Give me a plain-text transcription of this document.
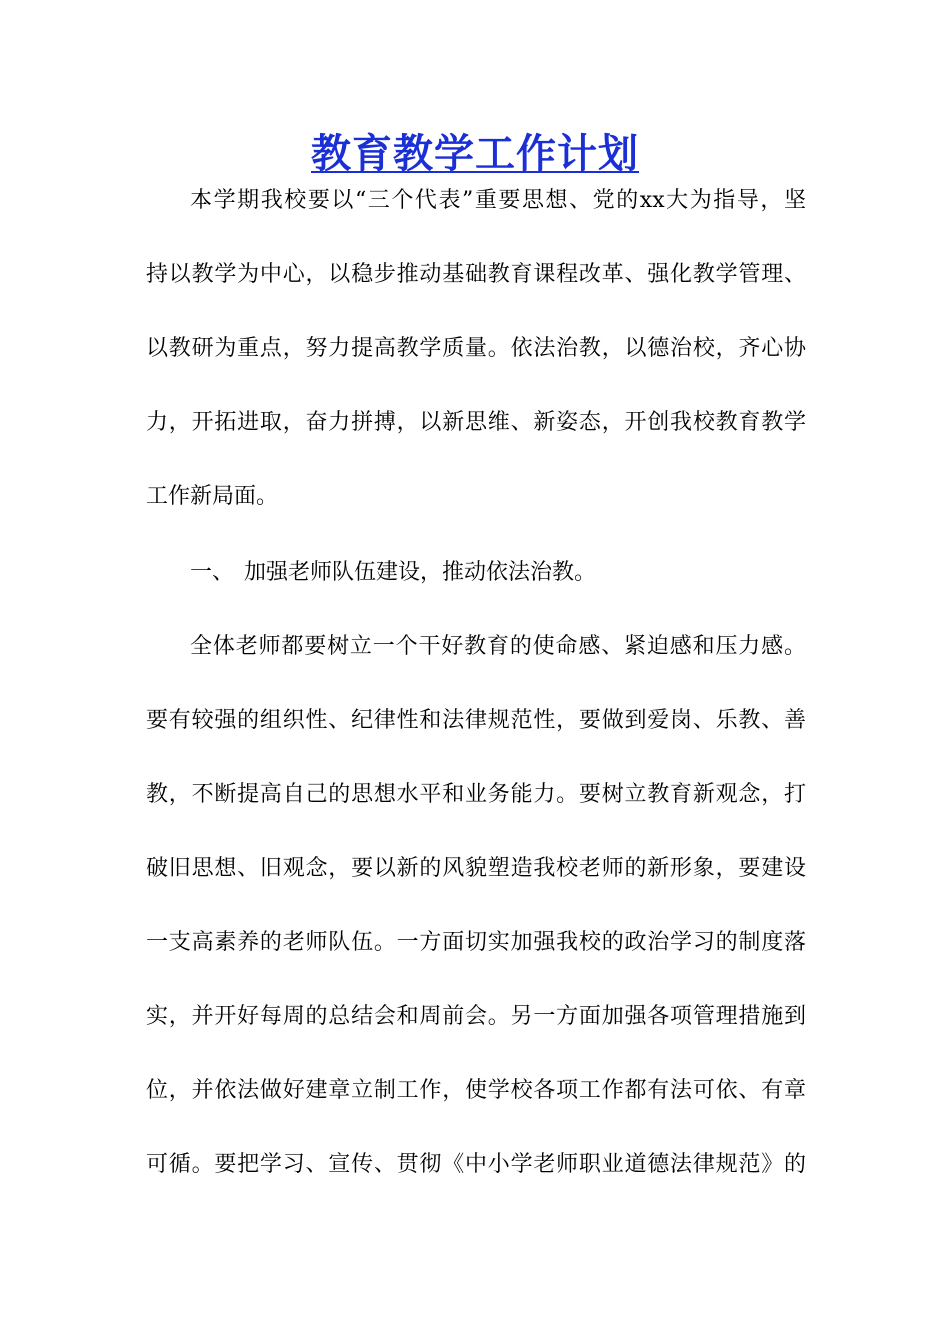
教育教学工作计划
本学期我校要以“三个代表”重要思想、党的xx大为指导，坚
持以教学为中心，以稳步推动基础教育课程改革、强化教学管理、
以教研为重点，努力提高教学质量。依法治教，以德治校，齐心协
力，开拓进取，奋力拼搏，以新思维、新姿态，开创我校教育教学
工作新局面。
一、 加强老师队伍建设，推动依法治教。
全体老师都要树立一个干好教育的使命感、紧迫感和压力感。
要有较强的组织性、纪律性和法律规范性，要做到爱岗、乐教、善
教，不断提高自己的思想水平和业务能力。要树立教育新观念，打
破旧思想、旧观念，要以新的风貌塑造我校老师的新形象，要建设
一支高素养的老师队伍。一方面切实加强我校的政治学习的制度落
实，并开好每周的总结会和周前会。另一方面加强各项管理措施到
位，并依法做好建章立制工作，使学校各项工作都有法可依、有章
可循。要把学习、宣传、贯彻《中小学老师职业道德法律规范》的
